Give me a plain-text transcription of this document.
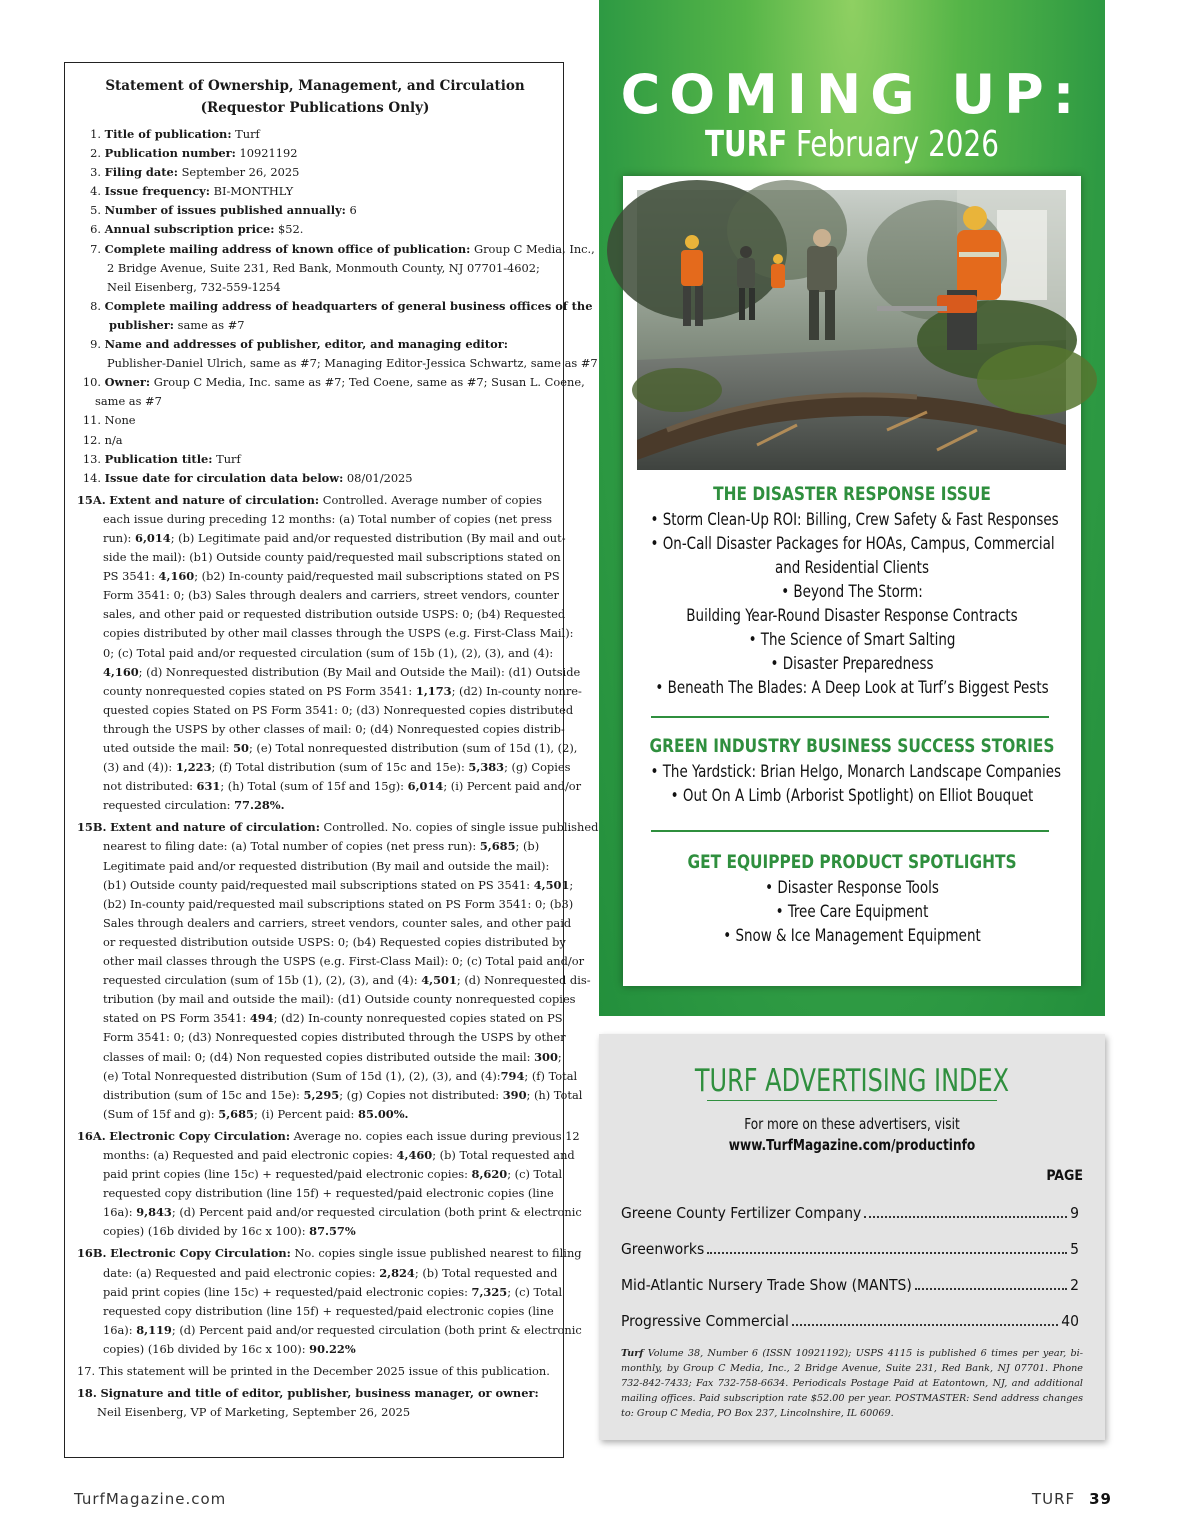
Statement of Ownership, Management, and Circulation
(Requestor Publications Only)
1. Title of publication: Turf
2. Publication number: 10921192
3. Filing date: September 26, 2025
4. Issue frequency: BI-MONTHLY
5. Number of issues published annually: 6
6. Annual subscription price: $52.
7. Complete mailing address of known office of publication: Group C Media, Inc.,
2 Bridge Avenue, Suite 231, Red Bank, Monmouth County, NJ 07701-4602;
Neil Eisenberg, 732-559-1254
8. Complete mailing address of headquarters of general business offices of the
publisher: same as #7
9. Name and addresses of publisher, editor, and managing editor:
Publisher-Daniel Ulrich, same as #7; Managing Editor-Jessica Schwartz, same as #7
10. Owner: Group C Media, Inc. same as #7; Ted Coene, same as #7; Susan L. Coene,
same as #7
11. None
12. n/a
13. Publication title: Turf
14. Issue date for circulation data below: 08/01/2025
15A. Extent and nature of circulation: Controlled. Average number of copies
each issue during preceding 12 months: (a) Total number of copies (net press
run): 6,014; (b) Legitimate paid and/or requested distribution (By mail and out-
side the mail): (b1) Outside county paid/requested mail subscriptions stated on
PS 3541: 4,160; (b2) In-county paid/requested mail subscriptions stated on PS
Form 3541: 0; (b3) Sales through dealers and carriers, street vendors, counter
sales, and other paid or requested distribution outside USPS: 0; (b4) Requested
copies distributed by other mail classes through the USPS (e.g. First-Class Mail):
0; (c) Total paid and/or requested circulation (sum of 15b (1), (2), (3), and (4):
4,160; (d) Nonrequested distribution (By Mail and Outside the Mail): (d1) Outside
county nonrequested copies stated on PS Form 3541: 1,173; (d2) In-county nonre-
quested copies Stated on PS Form 3541: 0; (d3) Nonrequested copies distributed
through the USPS by other classes of mail: 0; (d4) Nonrequested copies distrib-
uted outside the mail: 50; (e) Total nonrequested distribution (sum of 15d (1), (2),
(3) and (4)): 1,223; (f) Total distribution (sum of 15c and 15e): 5,383; (g) Copies
not distributed: 631; (h) Total (sum of 15f and 15g): 6,014; (i) Percent paid and/or
requested circulation: 77.28%.
15B. Extent and nature of circulation: Controlled. No. copies of single issue published
nearest to filing date: (a) Total number of copies (net press run): 5,685; (b)
Legitimate paid and/or requested distribution (By mail and outside the mail):
(b1) Outside county paid/requested mail subscriptions stated on PS 3541: 4,501;
(b2) In-county paid/requested mail subscriptions stated on PS Form 3541: 0; (b3)
Sales through dealers and carriers, street vendors, counter sales, and other paid
or requested distribution outside USPS: 0; (b4) Requested copies distributed by
other mail classes through the USPS (e.g. First-Class Mail): 0; (c) Total paid and/or
requested circulation (sum of 15b (1), (2), (3), and (4): 4,501; (d) Nonrequested dis-
tribution (by mail and outside the mail): (d1) Outside county nonrequested copies
stated on PS Form 3541: 494; (d2) In-county nonrequested copies stated on PS
Form 3541: 0; (d3) Nonrequested copies distributed through the USPS by other
classes of mail: 0; (d4) Non requested copies distributed outside the mail: 300;
(e) Total Nonrequested distribution (Sum of 15d (1), (2), (3), and (4):794; (f) Total
distribution (sum of 15c and 15e): 5,295; (g) Copies not distributed: 390; (h) Total
(Sum of 15f and g): 5,685; (i) Percent paid: 85.00%.
16A. Electronic Copy Circulation: Average no. copies each issue during previous 12
months: (a) Requested and paid electronic copies: 4,460; (b) Total requested and
paid print copies (line 15c) + requested/paid electronic copies: 8,620; (c) Total
requested copy distribution (line 15f) + requested/paid electronic copies (line
16a): 9,843; (d) Percent paid and/or requested circulation (both print & electronic
copies) (16b divided by 16c x 100): 87.57%
16B. Electronic Copy Circulation: No. copies single issue published nearest to filing
date: (a) Requested and paid electronic copies: 2,824; (b) Total requested and
paid print copies (line 15c) + requested/paid electronic copies: 7,325; (c) Total
requested copy distribution (line 15f) + requested/paid electronic copies (line
16a): 8,119; (d) Percent paid and/or requested circulation (both print & electronic
copies) (16b divided by 16c x 100): 90.22%
17. This statement will be printed in the December 2025 issue of this publication.
18. Signature and title of editor, publisher, business manager, or owner:
Neil Eisenberg, VP of Marketing, September 26, 2025
COMING UP:
TURF February 2026
THE DISASTER RESPONSE ISSUE
• Storm Clean-Up ROI: Billing, Crew Safety & Fast Responses
• On-Call Disaster Packages for HOAs, Campus, Commercial
and Residential Clients
• Beyond The Storm:
Building Year-Round Disaster Response Contracts
• The Science of Smart Salting
• Disaster Preparedness
• Beneath The Blades: A Deep Look at Turf’s Biggest Pests
GREEN INDUSTRY BUSINESS SUCCESS STORIES
• The Yardstick: Brian Helgo, Monarch Landscape Companies
• Out On A Limb (Arborist Spotlight) on Elliot Bouquet
GET EQUIPPED PRODUCT SPOTLIGHTS
• Disaster Response Tools
• Tree Care Equipment
• Snow & Ice Management Equipment
TURF ADVERTISING INDEX
For more on these advertisers, visit
www.TurfMagazine.com/productinfo
PAGE
Greene County Fertilizer Company	9
Greenworks	5
Mid-Atlantic Nursery Trade Show (MANTS)	2
Progressive Commercial	40
Turf Volume 38, Number 6 (ISSN 10921192); USPS 4115 is published 6 times per year, bi-monthly, by Group C Media, Inc., 2 Bridge Avenue, Suite 231, Red Bank, NJ 07701. Phone 732-842-7433; Fax 732-758-6634. Periodicals Postage Paid at Eatontown, NJ, and additional mailing offices. Paid subscription rate $52.00 per year. POSTMASTER: Send address changes to: Group C Media, PO Box 237, Lincolnshire, IL 60069.
TurfMagazine.com	TURF 39
